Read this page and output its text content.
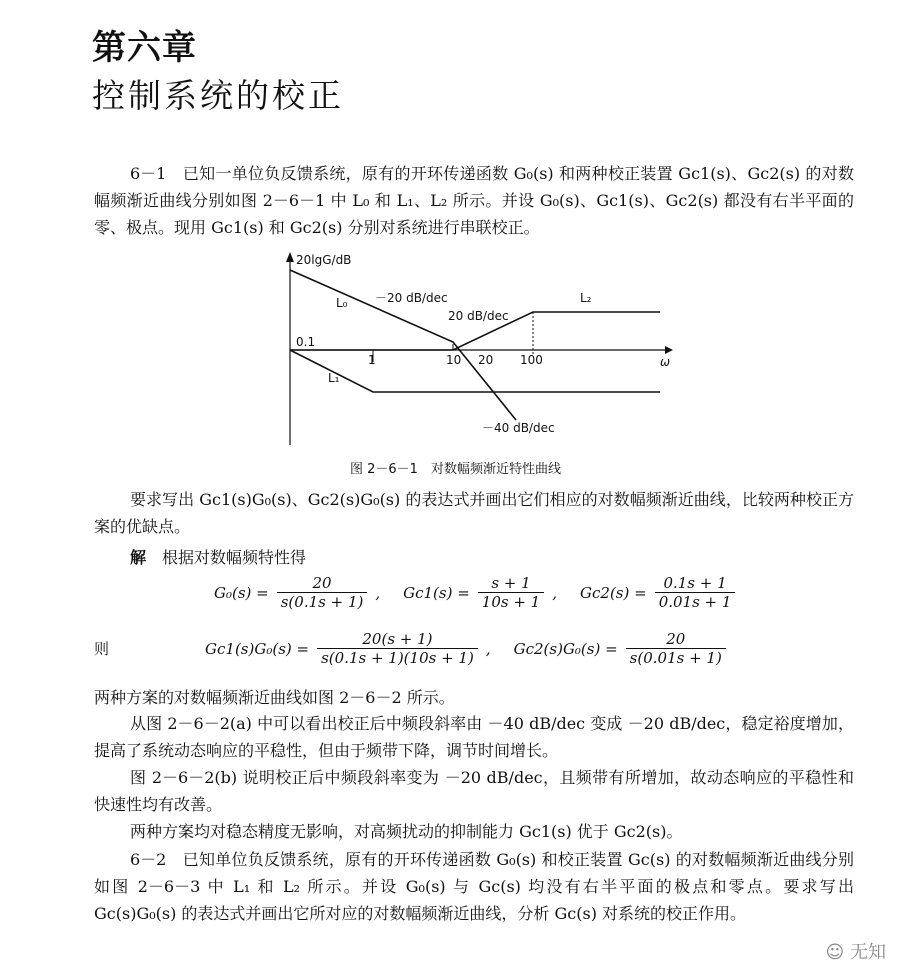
第六章
控制系统的校正
6－1　已知一单位负反馈系统，原有的开环传递函数 G₀(s) 和两种校正装置 Gc1(s)、Gc2(s) 的对数幅频渐近曲线分别如图 2－6－1 中 L₀ 和 L₁、L₂ 所示。并设 G₀(s)、Gc1(s)、Gc2(s) 都没有右半平面的零、极点。现用 Gc1(s) 和 Gc2(s) 分别对系统进行串联校正。
20lgG/dB
ω
0.1
1	10 20 100
L₀ －20 dB/dec
20 dB/dec
L₂
L₁
－40 dB/dec
图 2－6－1　对数幅频渐近特性曲线
要求写出 Gc1(s)G₀(s)、Gc2(s)G₀(s) 的表达式并画出它们相应的对数幅频渐近曲线，比较两种校正方案的优缺点。
解　 根据对数幅频特性得
$G_0(s) = \frac{20}{s(0.1s + 1)}$ ,  $Gc1(s) = \frac{s + 1}{10s + 1}$ ,  $Gc2(s) = \frac{0.1s + 1}{0.01s + 1}$
则	$Gc1(s)G_0(s) = \frac{20(s + 1)}{s(0.1s + 1)(10s + 1)}$ ,  $Gc2(s)G_0(s) = \frac{20}{s(0.01s + 1)}$
两种方案的对数幅频渐近曲线如图 2－6－2 所示。
从图 2－6－2(a) 中可以看出校正后中频段斜率由 －40 dB/dec 变成 －20 dB/dec，稳定裕度增加，提高了系统动态响应的平稳性，但由于频带下降，调节时间增长。
图 2－6－2(b) 说明校正后中频段斜率变为 －20 dB/dec，且频带有所增加，故动态响应的平稳性和快速性均有改善。
两种方案均对稳态精度无影响，对高频扰动的抑制能力 Gc1(s) 优于 Gc2(s)。
6－2　已知单位负反馈系统，原有的开环传递函数 G₀(s) 和校正装置 Gc(s) 的对数幅频渐近曲线分别如图 2－6－3 中 L₁ 和 L₂ 所示。并设 G₀(s) 与 Gc(s) 均没有右半平面的极点和零点。要求写出 Gc(s)G₀(s) 的表达式并画出它所对应的对数幅频渐近曲线，分析 Gc(s) 对系统的校正作用。
☺ 无知
